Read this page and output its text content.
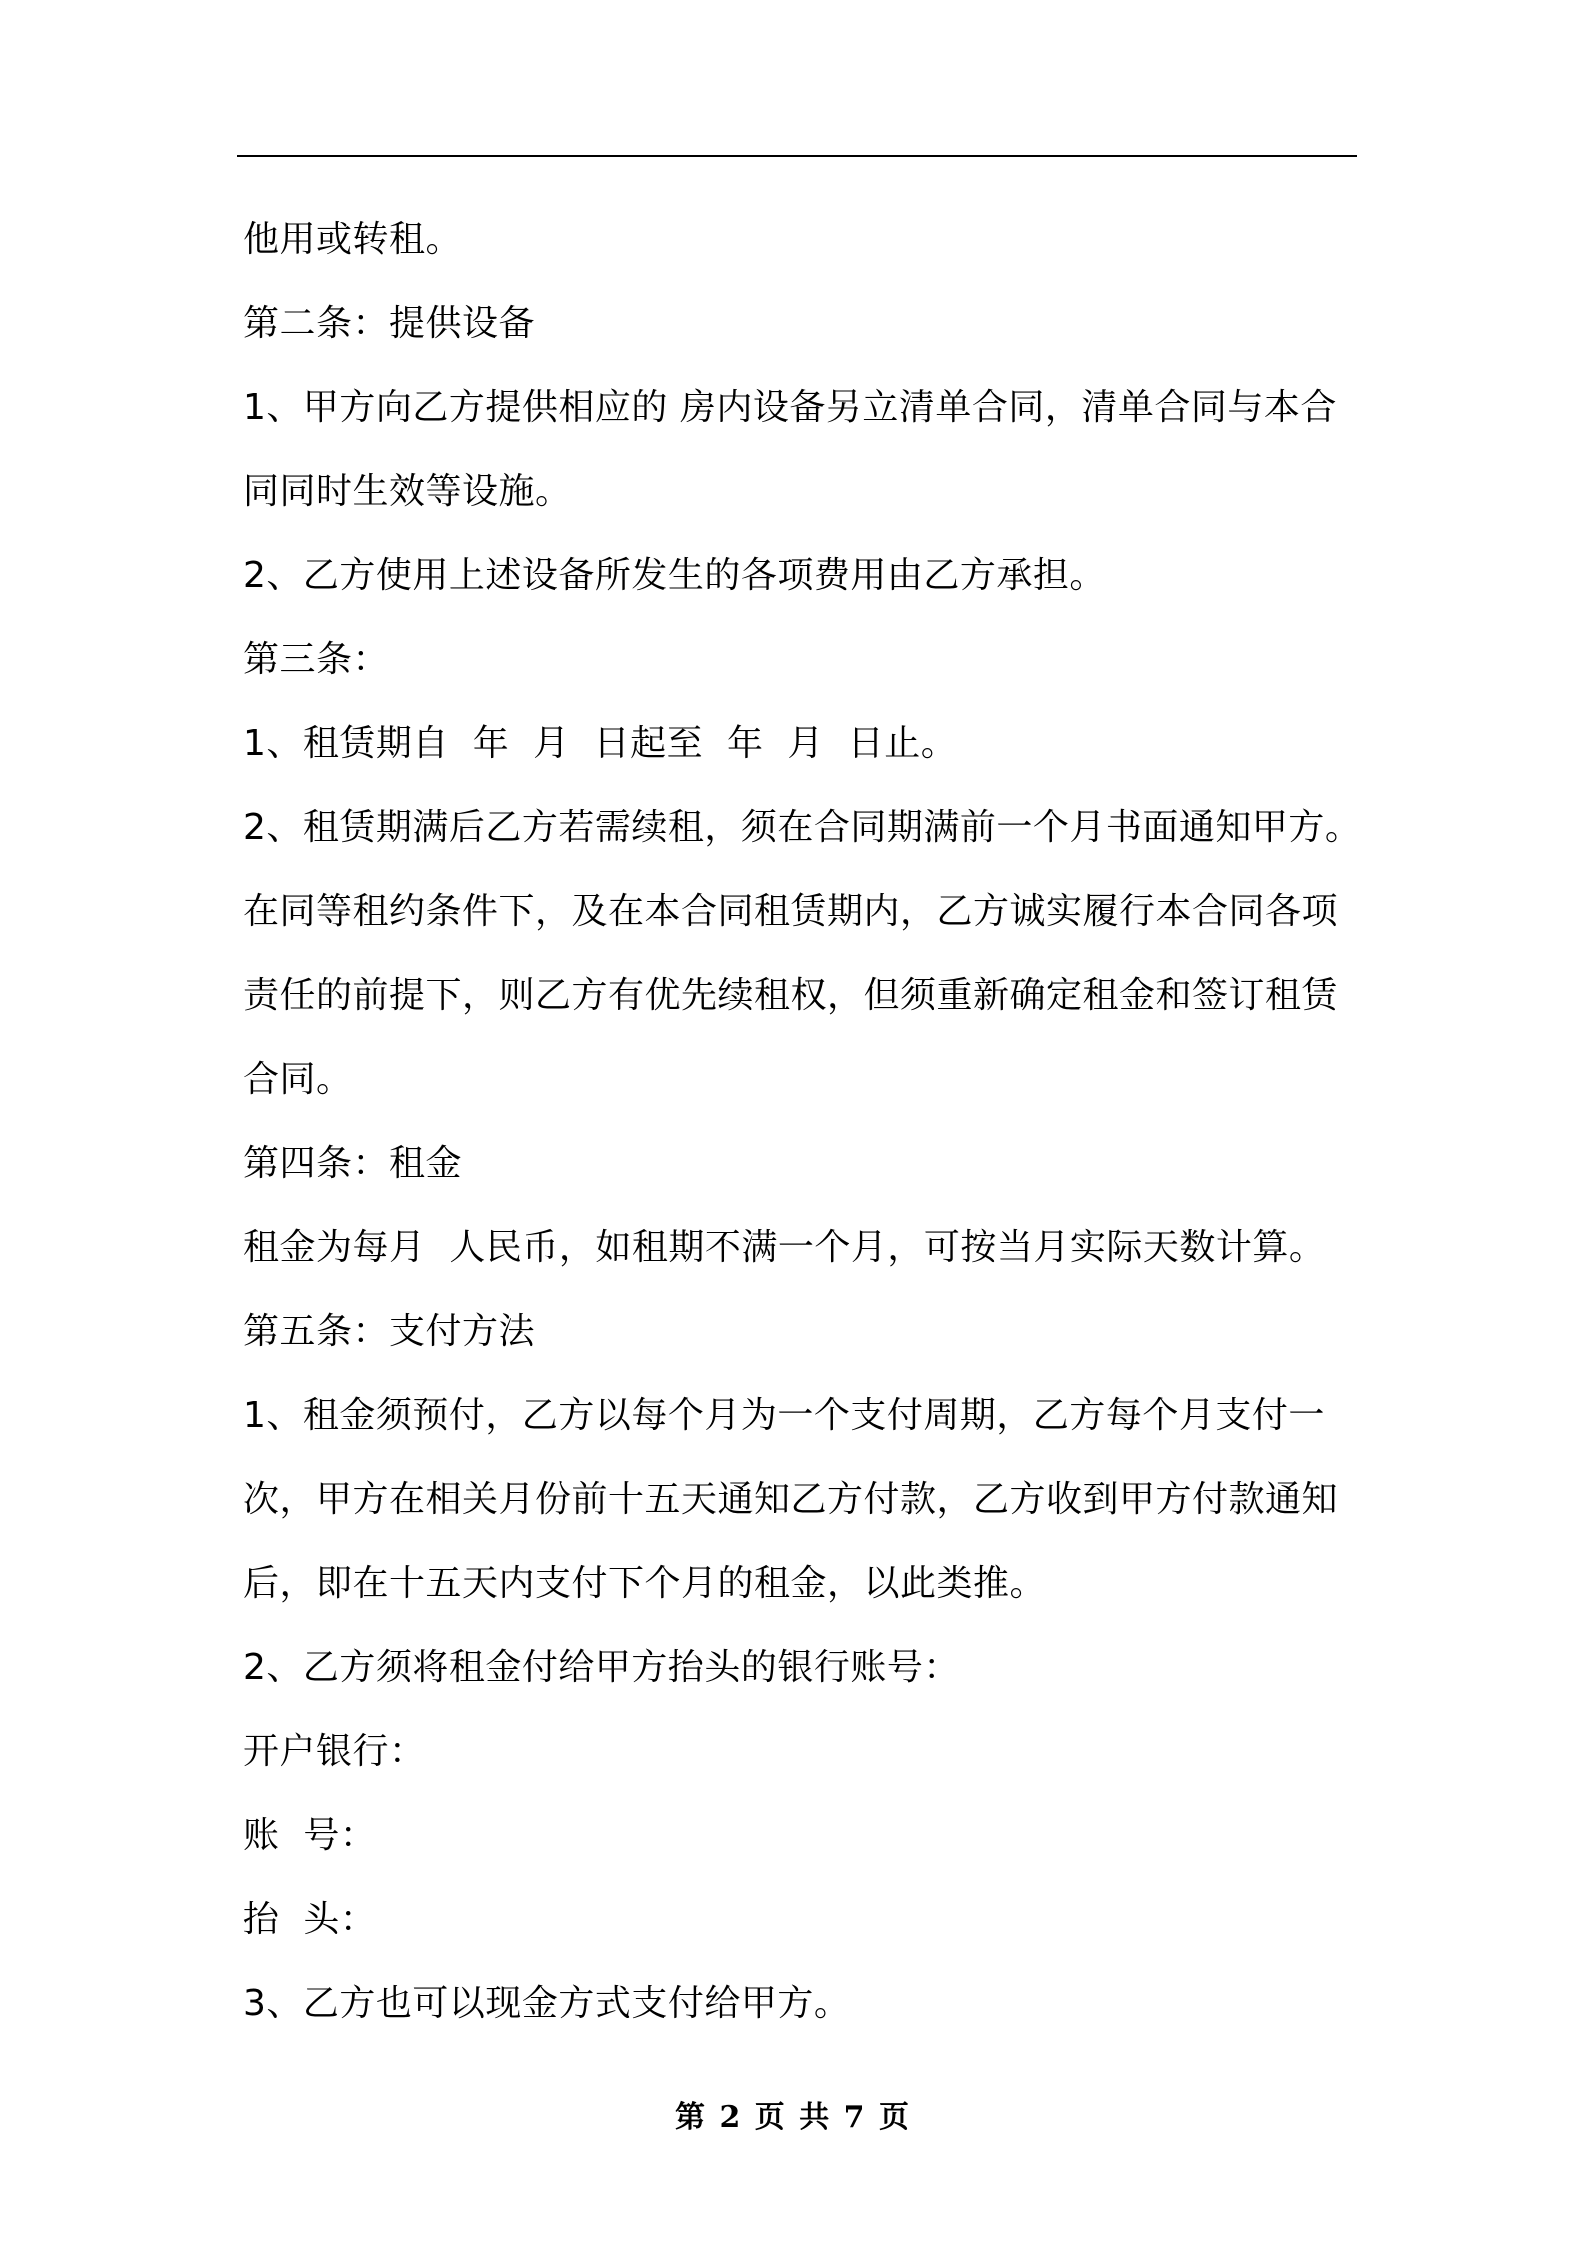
他用或转租。
第二条：提供设备
1、甲方向乙方提供相应的 房内设备另立清单合同，清单合同与本合
同同时生效等设施。
2、乙方使用上述设备所发生的各项费用由乙方承担。
第三条：
1、租赁期自  年  月  日起至  年  月  日止。
2、租赁期满后乙方若需续租，须在合同期满前一个月书面通知甲方。
在同等租约条件下，及在本合同租赁期内，乙方诚实履行本合同各项
责任的前提下，则乙方有优先续租权，但须重新确定租金和签订租赁
合同。
第四条：租金
租金为每月  人民币，如租期不满一个月，可按当月实际天数计算。
第五条：支付方法
1、租金须预付，乙方以每个月为一个支付周期，乙方每个月支付一
次，甲方在相关月份前十五天通知乙方付款，乙方收到甲方付款通知
后，即在十五天内支付下个月的租金，以此类推。
2、乙方须将租金付给甲方抬头的银行账号：
开户银行：
账  号：
抬  头：
3、乙方也可以现金方式支付给甲方。
第 2 页 共 7 页
